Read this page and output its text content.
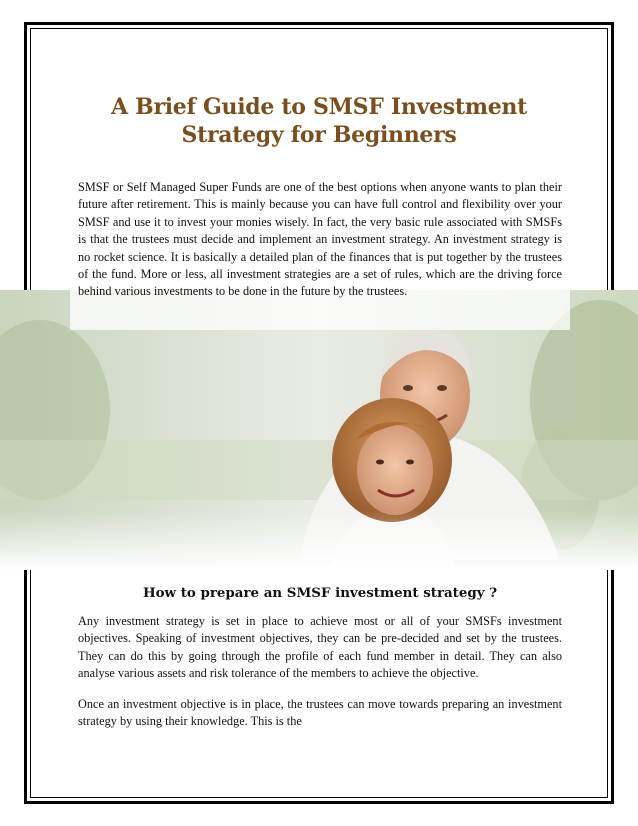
A Brief Guide to SMSF Investment Strategy for Beginners

SMSF or Self Managed Super Funds are one of the best options when anyone wants to plan their future after retirement. This is mainly because you can have full control and flexibility over your SMSF and use it to invest your monies wisely. In fact, the very basic rule associated with SMSFs is that the trustees must decide and implement an investment strategy. An investment strategy is no rocket science. It is basically a detailed plan of the finances that is put together by the trustees of the fund. More or less, all investment strategies are a set of rules, which are the driving force behind various investments to be done in the future by the trustees.

How to prepare an SMSF investment strategy ?

Any investment strategy is set in place to achieve most or all of your SMSFs investment objectives. Speaking of investment objectives, they can be pre-decided and set by the trustees. They can do this by going through the profile of each fund member in detail. They can also analyse various assets and risk tolerance of the members to achieve the objective.

Once an investment objective is in place, the trustees can move towards preparing an investment strategy by using their knowledge. This is the
